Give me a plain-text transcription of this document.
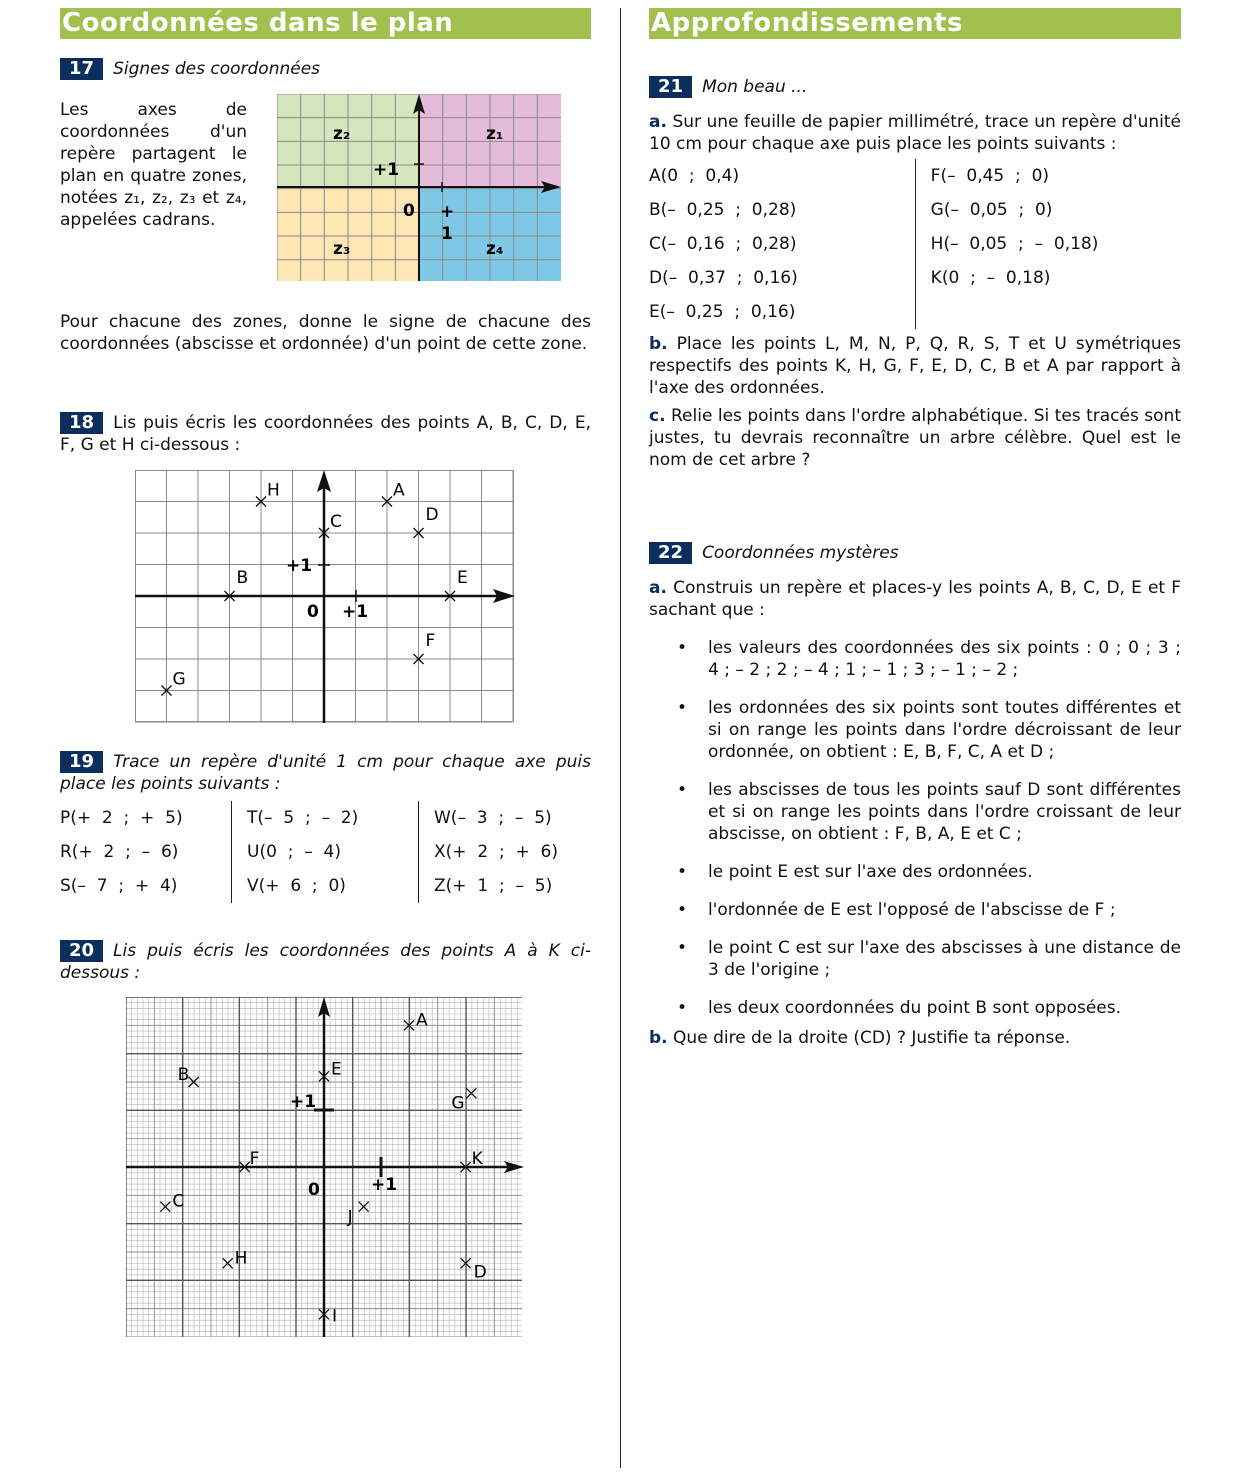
Coordonnées dans le plan
17 Signes des coordonnées

Les axes de coordonnées d'un repère partagent le plan en quatre zones, notées z₁, z₂, z₃ et z₄, appelées cadrans.

z₂	z₁
z₃	z₄
+1
0 +
1

Pour chacune des zones, donne le signe de chacune des coordonnées (abscisse et ordonnée) d'un point de cette zone.

18 Lis puis écris les coordonnées des points A, B, C, D, E, F, G et H ci-dessous :

+1
+1
0
H	A
C	D
B	E
F
G

19 Trace un repère d'unité 1 cm pour chaque axe puis place les points suivants :

P(+  2  ;  +  5)		T(–  5  ;  –  2)		W(–  3  ;  –  5)
R(+  2  ;  –  6)		U(0  ;  –  4)		X(+  2  ;  +  6)
S(–  7  ;  +  4)		V(+  6  ;  0)		Z(+  1  ;  –  5)

20 Lis puis écris les coordonnées des points A à K ci-dessous :

+1
+1
0
A
B	E
G
F	K
C
J
H
D
I
Approfondissements
21 Mon beau ...

a. Sur une feuille de papier millimétré, trace un repère d'unité 10 cm pour chaque axe puis place les points suivants :

A(0  ;  0,4)		F(–  0,45  ;  0)
B(–  0,25  ;  0,28)		G(–  0,05  ;  0)
C(–  0,16  ;  0,28)		H(–  0,05  ;  –  0,18)
D(–  0,37  ;  0,16)		K(0  ;  –  0,18)
E(–  0,25  ;  0,16)		

b. Place les points L, M, N, P, Q, R, S, T et U symétriques respectifs des points K, H, G, F, E, D, C, B et A par rapport à l'axe des ordonnées.

c. Relie les points dans l'ordre alphabétique. Si tes tracés sont justes, tu devrais reconnaître un arbre célèbre. Quel est le nom de cet arbre ?

22 Coordonnées mystères

a. Construis un repère et places-y les points A, B, C, D, E et F sachant que :

• les valeurs des coordonnées des six points : 0 ; 0 ; 3 ; 4 ; – 2 ; 2 ; – 4 ; 1 ; – 1 ; 3 ; – 1 ; – 2 ;
• les ordonnées des six points sont toutes différentes et si on range les points dans l'ordre décroissant de leur ordonnée, on obtient : E, B, F, C, A et D ;
• les abscisses de tous les points sauf D sont différentes et si on range les points dans l'ordre croissant de leur abscisse, on obtient : F, B, A, E et C ;
• le point E est sur l'axe des ordonnées.
• l'ordonnée de E est l'opposé de l'abscisse de F ;
• le point C est sur l'axe des abscisses à une distance de 3 de l'origine ;
• les deux coordonnées du point B sont opposées.

b. Que dire de la droite (CD) ? Justifie ta réponse.
